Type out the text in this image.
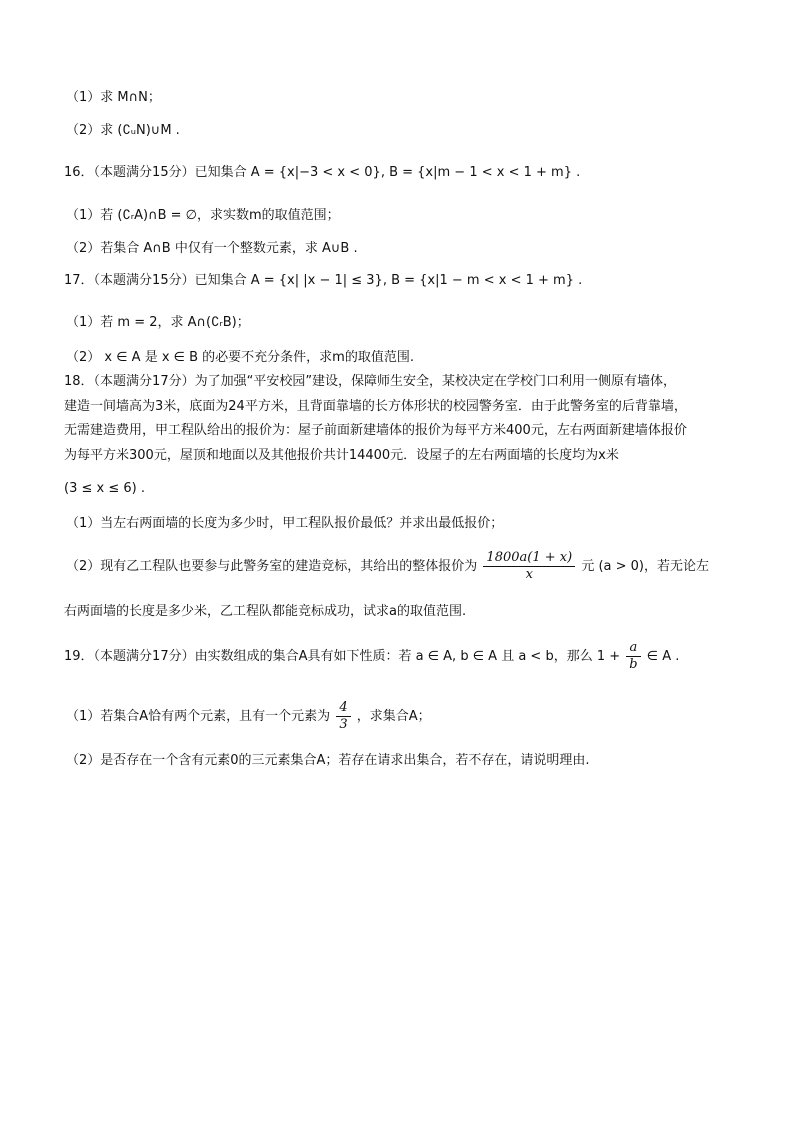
（1）求 M∩N；
（2）求 (∁ᵤN)∪M .
16．（本题满分15分）已知集合 A = {x|−3 < x < 0}, B = {x|m − 1 < x < 1 + m} .
（1）若 (∁ᵣA)∩B = ∅，求实数m的取值范围；
（2）若集合 A∩B 中仅有一个整数元素，求 A∪B .
17．（本题满分15分）已知集合 A = {x| |x − 1| ≤ 3}, B = {x|1 − m < x < 1 + m} .
（1）若 m = 2，求 A∩(∁ᵣB)；
（2） x ∈ A 是 x ∈ B 的必要不充分条件，求m的取值范围.
18．（本题满分17分）为了加强“平安校园”建设，保障师生安全，某校决定在学校门口利用一侧原有墙体，
建造一间墙高为3米，底面为24平方米，且背面靠墙的长方体形状的校园警务室．由于此警务室的后背靠墙，
无需建造费用，甲工程队给出的报价为：屋子前面新建墙体的报价为每平方米400元，左右两面新建墙体报价
为每平方米300元，屋顶和地面以及其他报价共计14400元．设屋子的左右两面墙的长度均为x米
(3 ≤ x ≤ 6) .
（1）当左右两面墙的长度为多少时，甲工程队报价最低？并求出最低报价；
（2）现有乙工程队也要参与此警务室的建造竞标，其给出的整体报价为 $\frac{1800a(1 + x)}{x}$ 元 (a > 0)，若无论左
右两面墙的长度是多少米，乙工程队都能竞标成功，试求a的取值范围.
19．（本题满分17分）由实数组成的集合A具有如下性质：若 a ∈ A, b ∈ A 且 a < b，那么 $1 + \frac{a}{b}$ ∈ A .
（1）若集合A恰有两个元素，且有一个元素为 $\frac{4}{3}$ ，求集合A；
（2）是否存在一个含有元素0的三元素集合A；若存在请求出集合，若不存在，请说明理由.
